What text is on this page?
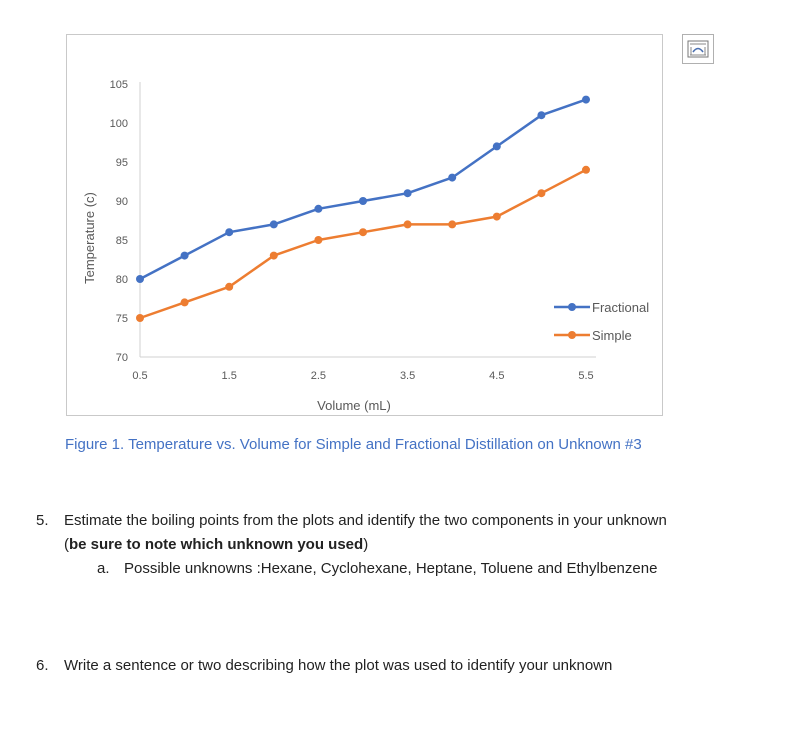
70
75
80
85
90
95
100
105
0.5	1.5	2.5	3.5	4.5	5.5
Temperature (c)
Volume (mL)
Fractional
Simple
Figure 1. Temperature vs. Volume for Simple and Fractional Distillation on Unknown #3
5. Estimate the boiling points from the plots and identify the two components in your unknown
(be sure to note which unknown you used)
a. Possible unknowns :Hexane, Cyclohexane, Heptane, Toluene and Ethylbenzene
6. Write a sentence or two describing how the plot was used to identify your unknown
